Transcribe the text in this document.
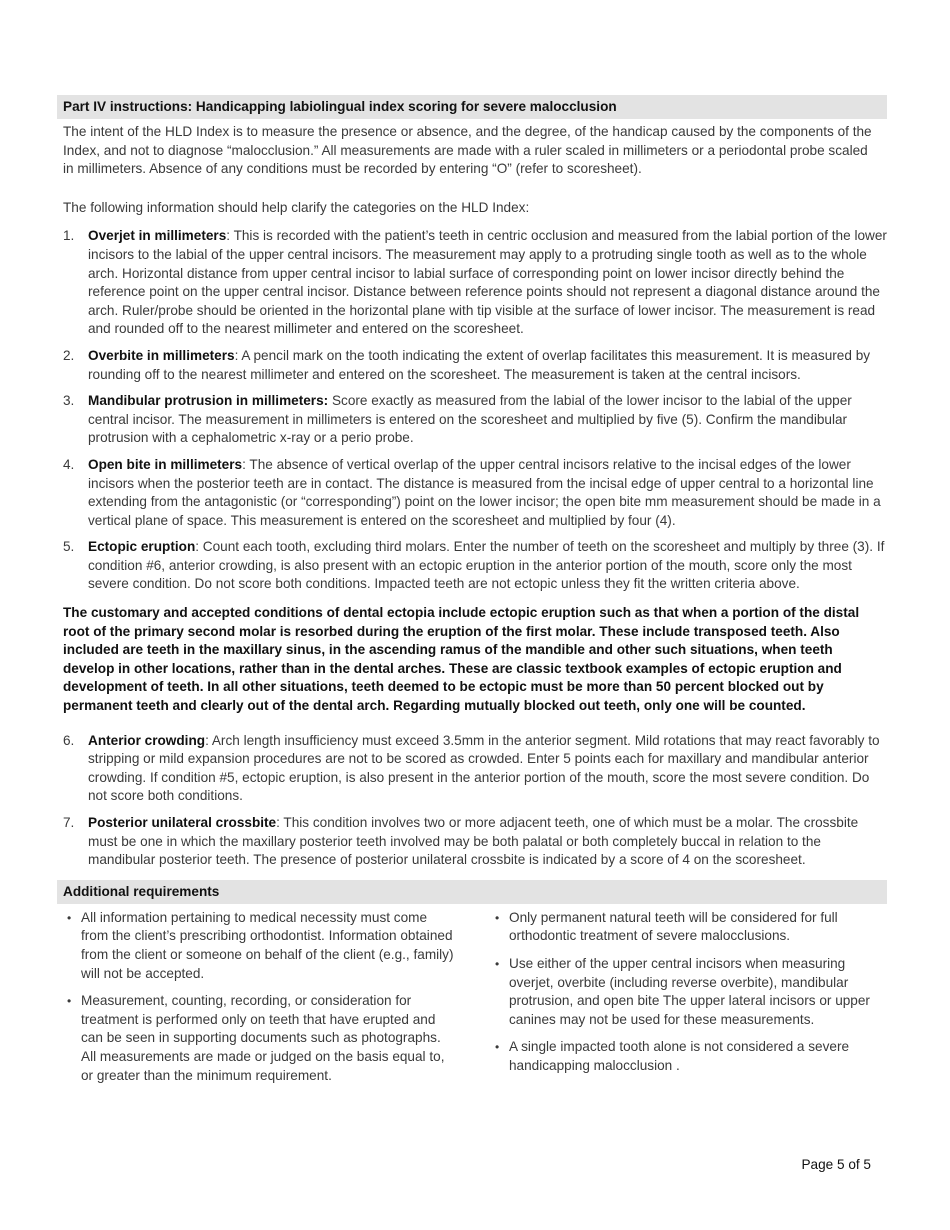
Part IV instructions: Handicapping labiolingual index scoring for severe malocclusion

The intent of the HLD Index is to measure the presence or absence, and the degree, of the handicap caused by the components of the Index, and not to diagnose “malocclusion.” All measurements are made with a ruler scaled in millimeters or a periodontal probe scaled in millimeters. Absence of any conditions must be recorded by entering “O” (refer to scoresheet).

The following information should help clarify the categories on the HLD Index:

1. Overjet in millimeters: This is recorded with the patient’s teeth in centric occlusion and measured from the labial portion of the lower incisors to the labial of the upper central incisors. The measurement may apply to a protruding single tooth as well as to the whole arch. Horizontal distance from upper central incisor to labial surface of corresponding point on lower incisor directly behind the reference point on the upper central incisor. Distance between reference points should not represent a diagonal distance around the arch. Ruler/probe should be oriented in the horizontal plane with tip visible at the surface of lower incisor. The measurement is read and rounded off to the nearest millimeter and entered on the scoresheet.
2. Overbite in millimeters: A pencil mark on the tooth indicating the extent of overlap facilitates this measurement. It is measured by rounding off to the nearest millimeter and entered on the scoresheet. The measurement is taken at the central incisors.
3. Mandibular protrusion in millimeters: Score exactly as measured from the labial of the lower incisor to the labial of the upper central incisor. The measurement in millimeters is entered on the scoresheet and multiplied by five (5). Confirm the mandibular protrusion with a cephalometric x-ray or a perio probe.
4. Open bite in millimeters: The absence of vertical overlap of the upper central incisors relative to the incisal edges of the lower incisors when the posterior teeth are in contact. The distance is measured from the incisal edge of upper central to a horizontal line extending from the antagonistic (or “corresponding”) point on the lower incisor; the open bite mm measurement should be made in a vertical plane of space. This measurement is entered on the scoresheet and multiplied by four (4).
5. Ectopic eruption: Count each tooth, excluding third molars. Enter the number of teeth on the scoresheet and multiply by three (3). If condition #6, anterior crowding, is also present with an ectopic eruption in the anterior portion of the mouth, score only the most severe condition. Do not score both conditions. Impacted teeth are not ectopic unless they fit the written criteria above.

The customary and accepted conditions of dental ectopia include ectopic eruption such as that when a portion of the distal root of the primary second molar is resorbed during the eruption of the first molar. These include transposed teeth. Also included are teeth in the maxillary sinus, in the ascending ramus of the mandible and other such situations, when teeth develop in other locations, rather than in the dental arches. These are classic textbook examples of ectopic eruption and development of teeth. In all other situations, teeth deemed to be ectopic must be more than 50 percent blocked out by permanent teeth and clearly out of the dental arch. Regarding mutually blocked out teeth, only one will be counted.

6. Anterior crowding: Arch length insufficiency must exceed 3.5mm in the anterior segment. Mild rotations that may react favorably to stripping or mild expansion procedures are not to be scored as crowded. Enter 5 points each for maxillary and mandibular anterior crowding. If condition #5, ectopic eruption, is also present in the anterior portion of the mouth, score the most severe condition. Do not score both conditions.
7. Posterior unilateral crossbite: This condition involves two or more adjacent teeth, one of which must be a molar. The crossbite must be one in which the maxillary posterior teeth involved may be both palatal or both completely buccal in relation to the mandibular posterior teeth. The presence of posterior unilateral crossbite is indicated by a score of 4 on the scoresheet.
Additional requirements
• All information pertaining to medical necessity must come from the client’s prescribing orthodontist. Information obtained from the client or someone on behalf of the client (e.g., family) will not be accepted.
• Measurement, counting, recording, or consideration for treatment is performed only on teeth that have erupted and can be seen in supporting documents such as photographs. All measurements are made or judged on the basis equal to, or greater than the minimum requirement.
• Only permanent natural teeth will be considered for full orthodontic treatment of severe malocclusions.
• Use either of the upper central incisors when measuring overjet, overbite (including reverse overbite), mandibular protrusion, and open bite The upper lateral incisors or upper canines may not be used for these measurements.
• A single impacted tooth alone is not considered a severe handicapping malocclusion .
Page 5 of 5
